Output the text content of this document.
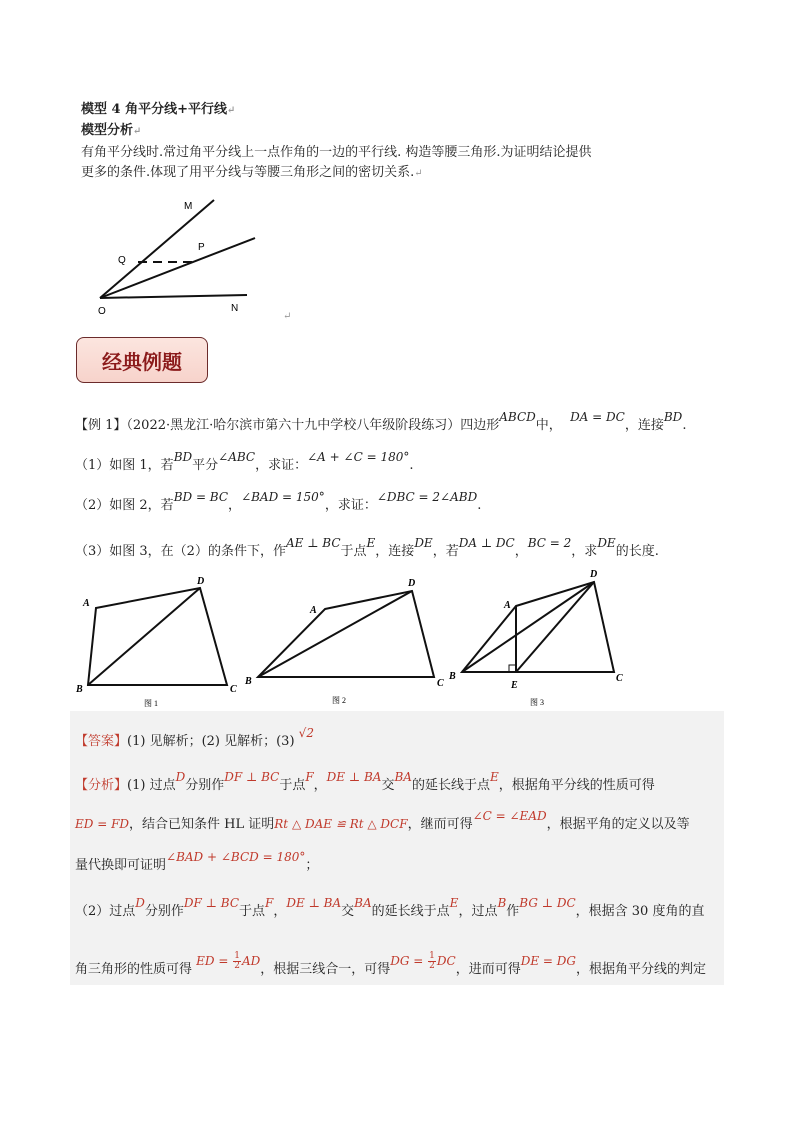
模型 4 角平分线+平行线↵
模型分析↵
有角平分线时.常过角平分线上一点作角的一边的平行线. 构造等腰三角形.为证明结论提供
更多的条件.体现了用平分线与等腰三角形之间的密切关系.↵
M
P
Q
O	N
↵
经典例题
【例 1】（2022·黑龙江·哈尔滨市第六十九中学校八年级阶段练习）四边形ABCD中，  DA = DC，连接BD.
（1）如图 1，若BD平分∠ABC，求证：∠A + ∠C = 180°.
（2）如图 2，若BD = BC，∠BAD = 150°，求证：∠DBC = 2∠ABD.
（3）如图 3，在（2）的条件下，作AE ⊥ BC于点E，连接DE，若DA ⊥ DC，BC = 2，求DE的长度.
A
D
B	C
图 1
A
D
B	C
图 2
A
D
B
E
C
图 3
【答案】(1) 见解析；(2) 见解析；(3) √2
【分析】(1) 过点D分别作DF ⊥ BC于点F，DE ⊥ BA交BA的延长线于点E，根据角平分线的性质可得
ED = FD，结合已知条件 HL 证明Rt △ DAE ≌ Rt △ DCF，继而可得∠C = ∠EAD，根据平角的定义以及等
量代换即可证明∠BAD + ∠BCD = 180°；
（2）过点D分别作DF ⊥ BC于点F，DE ⊥ BA交BA的延长线于点E，过点B作BG ⊥ DC，根据含 30 度角的直
角三角形的性质可得 ED = $\frac{1}{2}$ AD，根据三线合一，可得DG = $\frac{1}{2}$ DC，进而可得DE = DG，根据角平分线的判定
